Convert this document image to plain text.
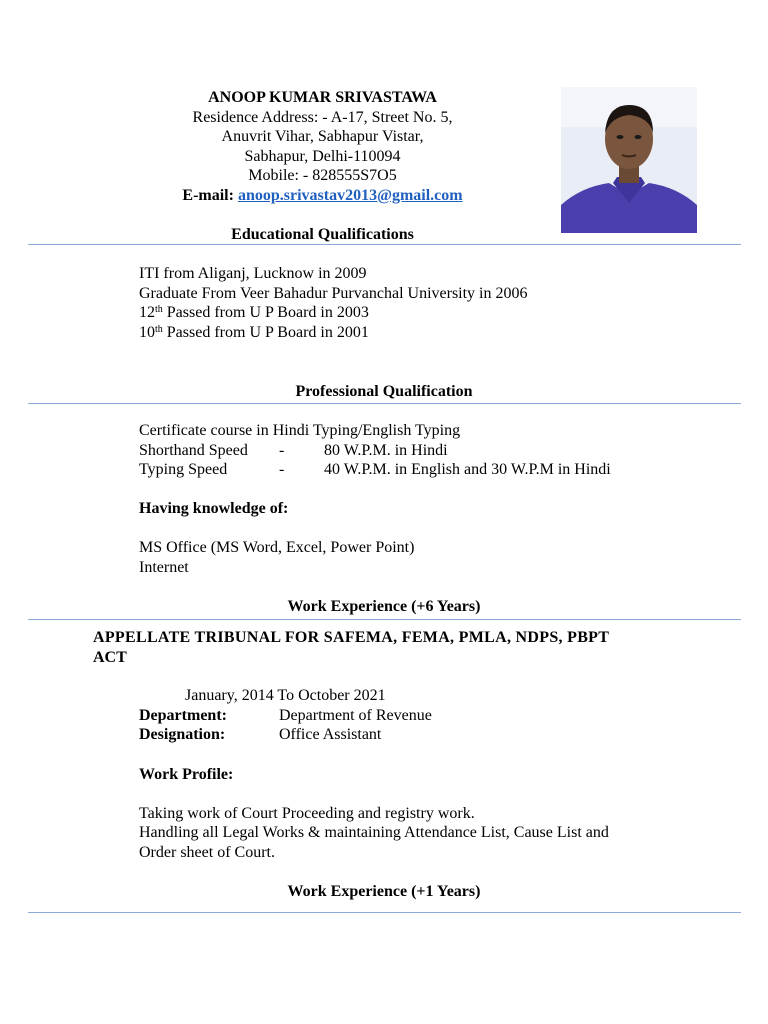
ANOOP KUMAR SRIVASTAWA
Residence Address: - A-17, Street No. 5,
Anuvrit Vihar, Sabhapur Vistar,
Sabhapur, Delhi-110094
Mobile: - 828555S7O5
E-mail: anoop.srivastav2013@gmail.com
Educational Qualifications
ITI from Aliganj, Lucknow in 2009
Graduate From Veer Bahadur Purvanchal University in 2006
12th Passed from U P Board in 2003
10th Passed from U P Board in 2001
Professional Qualification
Certificate course in Hindi Typing/English Typing
Shorthand Speed - 80 W.P.M. in Hindi
Typing Speed	- 40 W.P.M. in English and 30 W.P.M in Hindi
Having knowledge of:
MS Office (MS Word, Excel, Power Point)
Internet
Work Experience (+6 Years)
APPELLATE TRIBUNAL FOR SAFEMA, FEMA, PMLA, NDPS, PBPT
ACT
January, 2014 To October 2021
Department:	Department of Revenue
Designation:	Office Assistant
Work Profile:
Taking work of Court Proceeding and registry work.
Handling all Legal Works & maintaining Attendance List, Cause List and
Order sheet of Court.
Work Experience (+1 Years)
